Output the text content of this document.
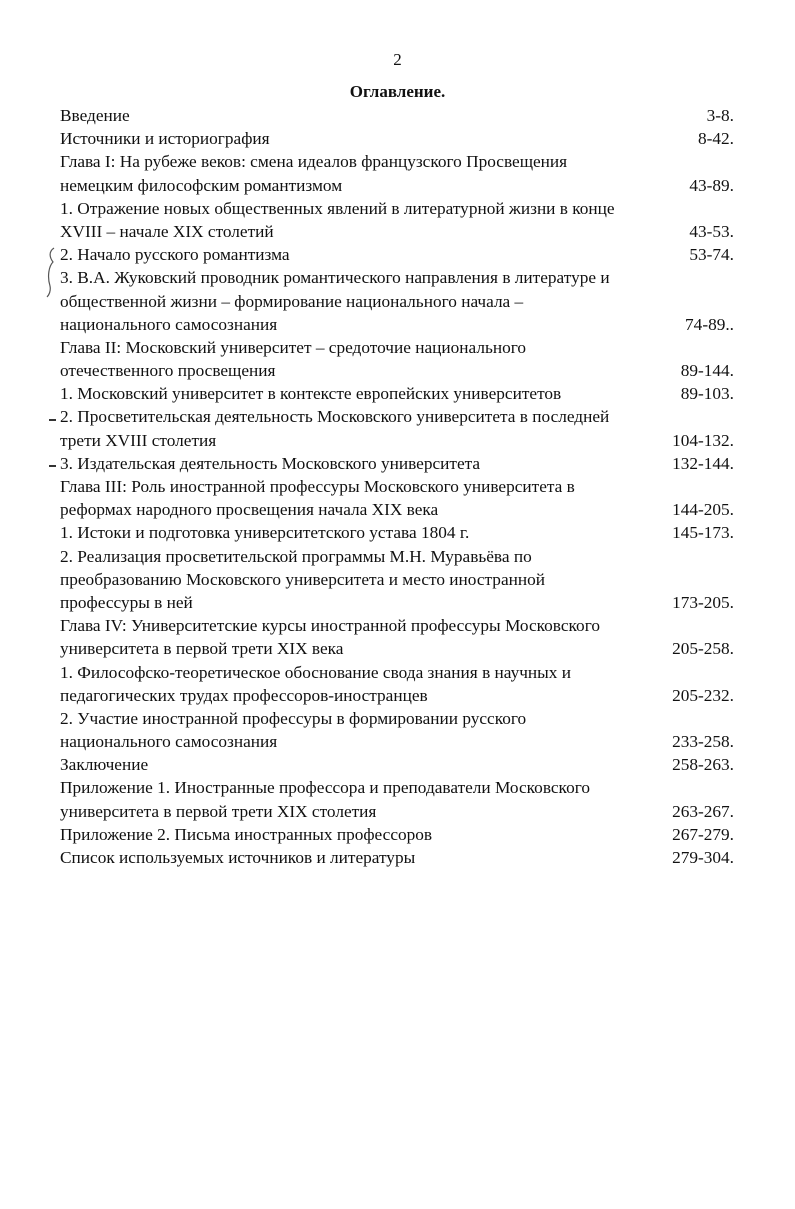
2
Оглавление.
Введение	3-8.
Источники и историография	8-42.
Глава I: На рубеже веков: смена идеалов французского Просвещения
немецким философским романтизмом	43-89.
1. Отражение новых общественных явлений в литературной жизни в конце
XVIII – начале XIX столетий	43-53.
2. Начало русского романтизма	53-74.
3. В.А. Жуковский проводник романтического направления в литературе и
общественной жизни – формирование национального начала –
национального самосознания	74-89..
Глава II: Московский университет – средоточие национального
отечественного просвещения	89-144.
1. Московский университет в контексте европейских университетов	89-103.
2. Просветительская деятельность Московского университета в последней
трети XVIII столетия	104-132.
3. Издательская деятельность Московского университета	132-144.
Глава III: Роль иностранной профессуры Московского университета в
реформах народного просвещения начала XIX века	144-205.
1. Истоки и подготовка университетского устава 1804 г.	145-173.
2. Реализация просветительской программы М.Н. Муравьёва по
преобразованию Московского университета и место иностранной
профессуры в ней	173-205.
Глава IV: Университетские курсы иностранной профессуры Московского
университета в первой трети XIX века	205-258.
1. Философско-теоретическое обоснование свода знания в научных и
педагогических трудах профессоров-иностранцев	205-232.
2. Участие иностранной профессуры в формировании русского
национального самосознания	233-258.
Заключение	258-263.
Приложение 1. Иностранные профессора и преподаватели Московского
университета в первой трети XIX столетия	263-267.
Приложение 2. Письма иностранных профессоров	267-279.
Список используемых источников и литературы	279-304.
